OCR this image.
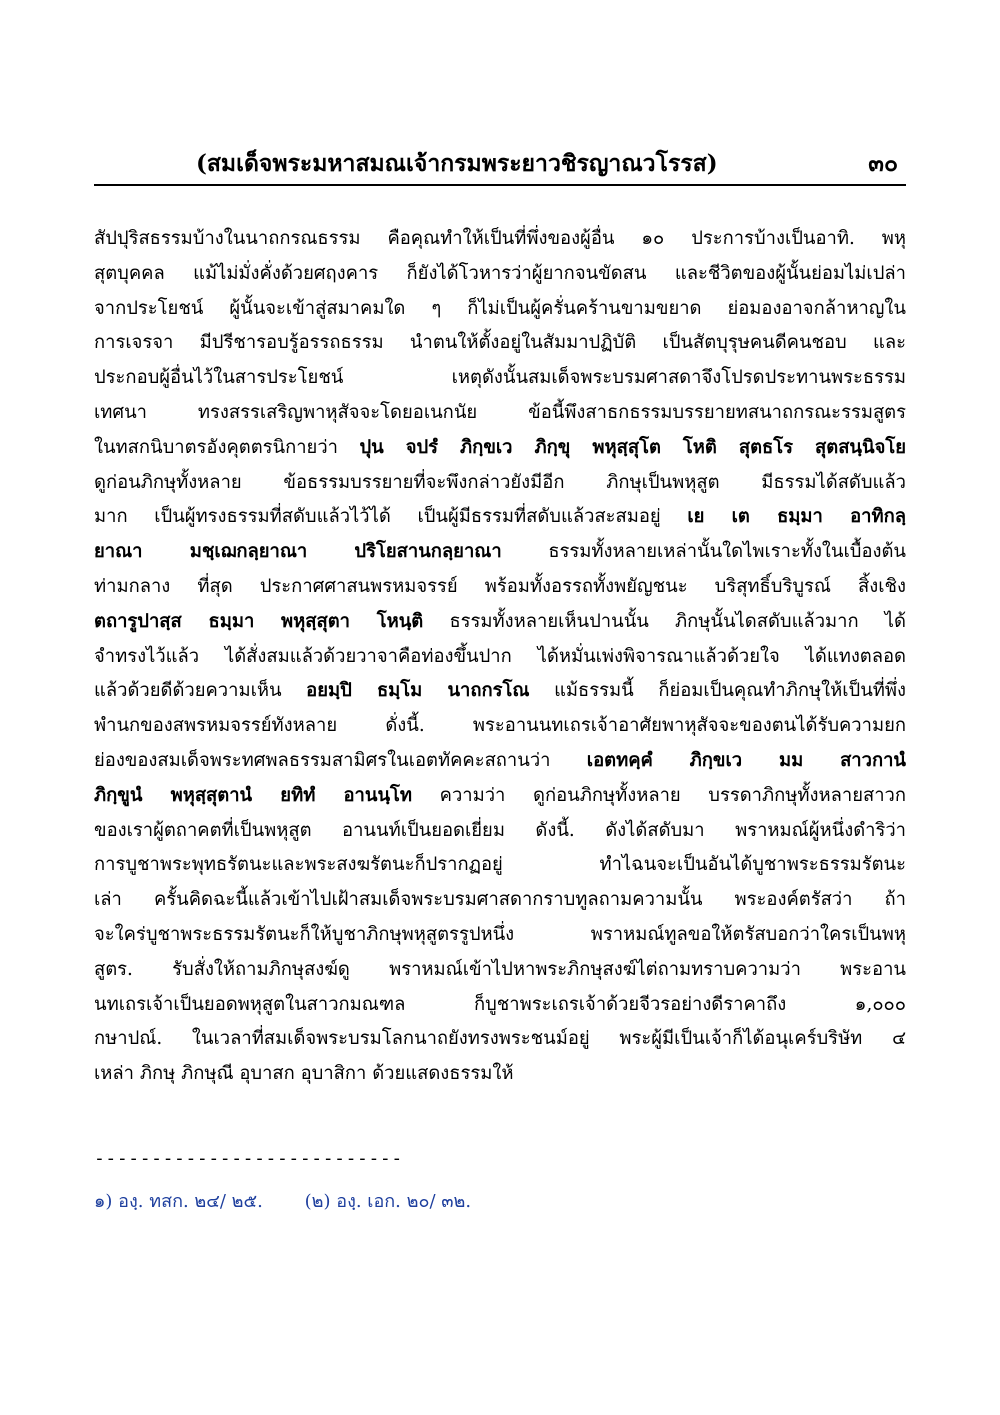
(สมเด็จพระมหาสมณเจ้ากรมพระยาวชิรญาณวโรรส)	๓๐
สัปปุริสธรรมบ้างในนาถกรณธรรม คือคุณทำให้เป็นที่พึ่งของผู้อื่น ๑๐ ประการบ้างเป็นอาทิ. พหุ
สุตบุคคล แม้ไม่มั่งคั่งด้วยศฤงคาร ก็ยังได้โวหารว่าผู้ยากจนขัดสน และชีวิตของผู้นั้นย่อมไม่เปล่า
จากประโยชน์ ผู้นั้นจะเข้าสู่สมาคมใด ๆ ก็ไม่เป็นผู้ครั่นคร้านขามขยาด ย่อมองอาจกล้าหาญใน
การเจรจา มีปรีชารอบรู้อรรถธรรม นำตนให้ตั้งอยู่ในสัมมาปฏิบัติ เป็นสัตบุรุษคนดีคนชอบ และ
ประกอบผู้อื่นไว้ในสารประโยชน์ เหตุดังนั้นสมเด็จพระบรมศาสดาจึงโปรดประทานพระธรรม
เทศนา ทรงสรรเสริญพาหุสัจจะโดยอเนกนัย ข้อนี้พึงสาธกธรรมบรรยายทสนาถกรณะรรมสูตร
ในทสกนิบาตรอังคุตตรนิกายว่า ปุน จปรํ ภิกฺขเว ภิกฺขุ พหุสฺสุโต โหติ สุตธโร สุตสนฺนิจโย
ดูก่อนภิกษุทั้งหลาย ข้อธรรมบรรยายที่จะพึงกล่าวยังมีอีก ภิกษุเป็นพหุสูต มีธรรมได้สดับแล้ว
มาก เป็นผู้ทรงธรรมที่สดับแล้วไว้ได้ เป็นผู้มีธรรมที่สดับแล้วสะสมอยู่ เย เต ธมฺมา อาทิกลฺ
ยาณา มชฺเฌกลฺยาณา ปริโยสานกลฺยาณา ธรรมทั้งหลายเหล่านั้นใดไพเราะทั้งในเบื้องต้น
ท่ามกลาง ที่สุด ประกาศศาสนพรหมจรรย์ พร้อมทั้งอรรถทั้งพยัญชนะ บริสุทธิ์บริบูรณ์ สิ้งเชิง
ตถารูปาสฺส ธมฺมา พหุสฺสุตา โหนฺติ ธรรมทั้งหลายเห็นปานนั้น ภิกษุนั้นไดสดับแล้วมาก ได้
จำทรงไว้แล้ว ได้สั่งสมแล้วด้วยวาจาคือท่องขึ้นปาก ได้หมั่นเพ่งพิจารณาแล้วด้วยใจ ได้แทงตลอด
แล้วด้วยดีด้วยความเห็น อยมฺปิ ธมฺโม นาถกรโณ แม้ธรรมนี้ ก็ย่อมเป็นคุณทำภิกษุให้เป็นที่พึ่ง
พำนกของสพรหมจรรย์ทังหลาย ดั่งนี้. พระอานนทเถรเจ้าอาศัยพาหุสัจจะของตนได้รับความยก
ย่องของสมเด็จพระทศพลธรรมสามิศรในเอตทัคคะสถานว่า เอตทคฺคํ ภิกฺขเว มม สาวกานํ
ภิกฺขูนํ พหุสฺสุตานํ ยทิทํ อานนฺโท ความว่า ดูก่อนภิกษุทั้งหลาย บรรดาภิกษุทั้งหลายสาวก
ของเราผู้ตถาคตที่เป็นพหุสูต อานนท์เป็นยอดเยี่ยม ดังนี้. ดังได้สดับมา พราหมณ์ผู้หนึ่งดำริว่า
การบูชาพระพุทธรัตนะและพระสงฆรัตนะก็ปรากฏอยู่ ทำไฉนจะเป็นอันได้บูชาพระธรรมรัตนะ
เล่า ครั้นคิดฉะนี้แล้วเข้าไปเฝ้าสมเด็จพระบรมศาสดากราบทูลถามความนั้น พระองค์ตรัสว่า ถ้า
จะใคร่บูชาพระธรรมรัตนะก็ให้บูชาภิกษุพหุสูตรรูปหนึ่ง พราหมณ์ทูลขอให้ตรัสบอกว่าใครเป็นพหุ
สูตร. รับสั่งให้ถามภิกษุสงฆ์ดู พราหมณ์เข้าไปหาพระภิกษุสงฆ์ไต่ถามทราบความว่า พระอาน
นทเถรเจ้าเป็นยอดพหุสูตในสาวกมณฑล ก็บูชาพระเถรเจ้าด้วยจีวรอย่างดีราคาถึง ๑,๐๐๐
กษาปณ์. ในเวลาที่สมเด็จพระบรมโลกนาถยังทรงพระชนม์อยู่ พระผู้มีเป็นเจ้าก็ได้อนุเคร์บริษัท ๔
เหล่า ภิกษุ ภิกษุณี อุบาสก อุบาสิกา ด้วยแสดงธรรมให้
---------------------------
๑) องฺ. ทสก. ๒๔/ ๒๕. (๒) องฺ. เอก. ๒๐/ ๓๒.
